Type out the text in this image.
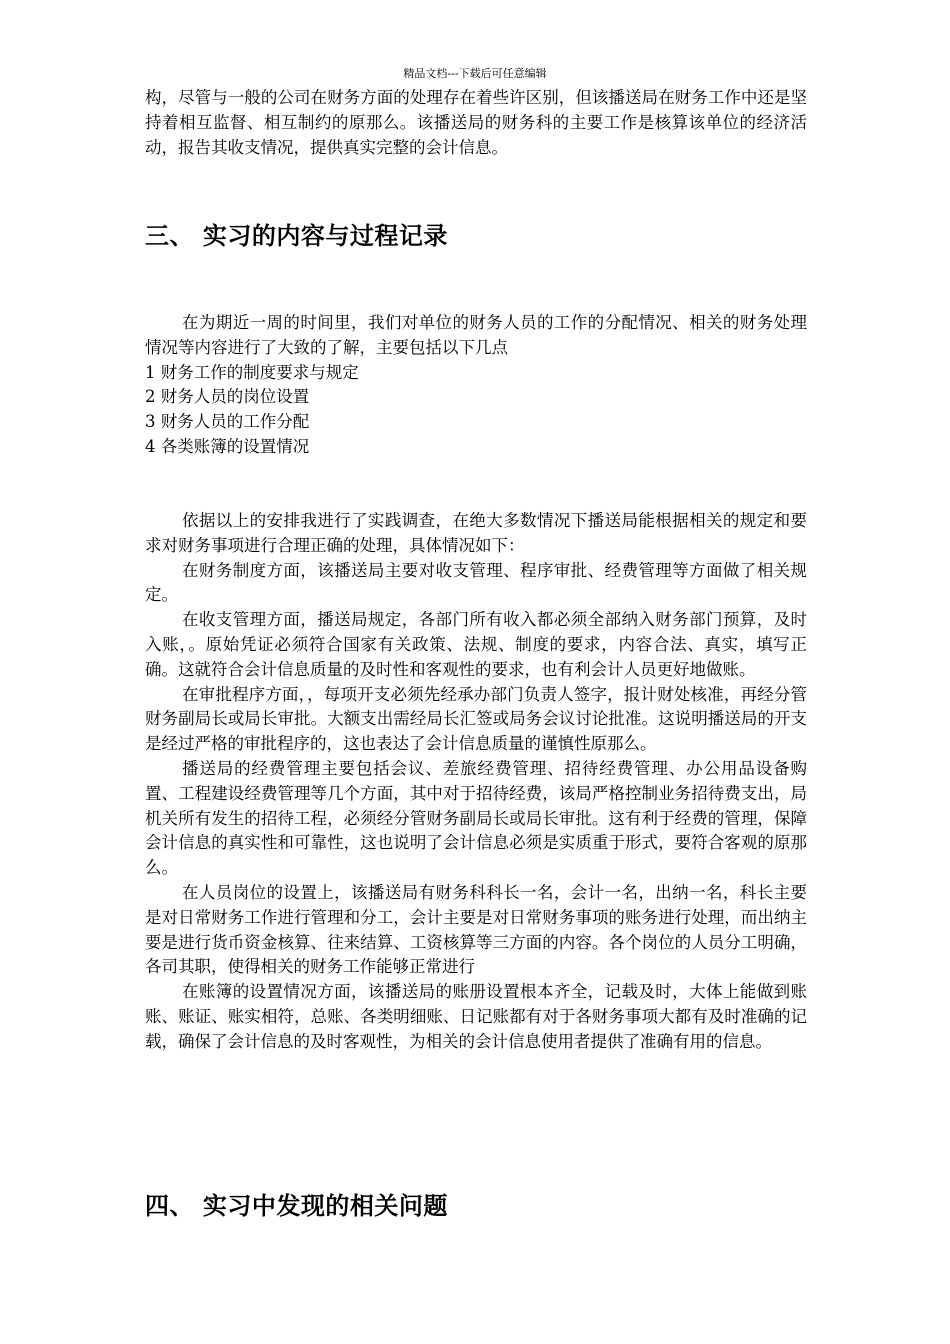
精品文档---下载后可任意编辑

构，尽管与一般的公司在财务方面的处理存在着些许区别，但该播送局在财务工作中还是坚持着相互监督、相互制约的原那么。该播送局的财务科的主要工作是核算该单位的经济活动，报告其收支情况，提供真实完整的会计信息。

三、 实习的内容与过程记录

在为期近一周的时间里，我们对单位的财务人员的工作的分配情况、相关的财务处理情况等内容进行了大致的了解，主要包括以下几点

1 财务工作的制度要求与规定

2 财务人员的岗位设置

3 财务人员的工作分配

4 各类账簿的设置情况

依据以上的安排我进行了实践调查，在绝大多数情况下播送局能根据相关的规定和要求对财务事项进行合理正确的处理，具体情况如下：

在财务制度方面，该播送局主要对收支管理、程序审批、经费管理等方面做了相关规定。

在收支管理方面，播送局规定，各部门所有收入都必须全部纳入财务部门预算，及时入账，。原始凭证必须符合国家有关政策、法规、制度的要求，内容合法、真实，填写正确。这就符合会计信息质量的及时性和客观性的要求，也有利会计人员更好地做账。

在审批程序方面，，每项开支必须先经承办部门负责人签字，报计财处核准，再经分管财务副局长或局长审批。大额支出需经局长汇签或局务会议讨论批准。这说明播送局的开支是经过严格的审批程序的，这也表达了会计信息质量的谨慎性原那么。

播送局的经费管理主要包括会议、差旅经费管理、招待经费管理、办公用品设备购置、工程建设经费管理等几个方面，其中对于招待经费，该局严格控制业务招待费支出，局机关所有发生的招待工程，必须经分管财务副局长或局长审批。这有利于经费的管理，保障会计信息的真实性和可靠性，这也说明了会计信息必须是实质重于形式，要符合客观的原那么。

在人员岗位的设置上，该播送局有财务科科长一名，会计一名，出纳一名，科长主要是对日常财务工作进行管理和分工，会计主要是对日常财务事项的账务进行处理，而出纳主要是进行货币资金核算、往来结算、工资核算等三方面的内容。各个岗位的人员分工明确，各司其职，使得相关的财务工作能够正常进行

在账簿的设置情况方面，该播送局的账册设置根本齐全，记载及时，大体上能做到账账、账证、账实相符，总账、各类明细账、日记账都有对于各财务事项大都有及时准确的记载，确保了会计信息的及时客观性，为相关的会计信息使用者提供了准确有用的信息。

四、 实习中发现的相关问题
